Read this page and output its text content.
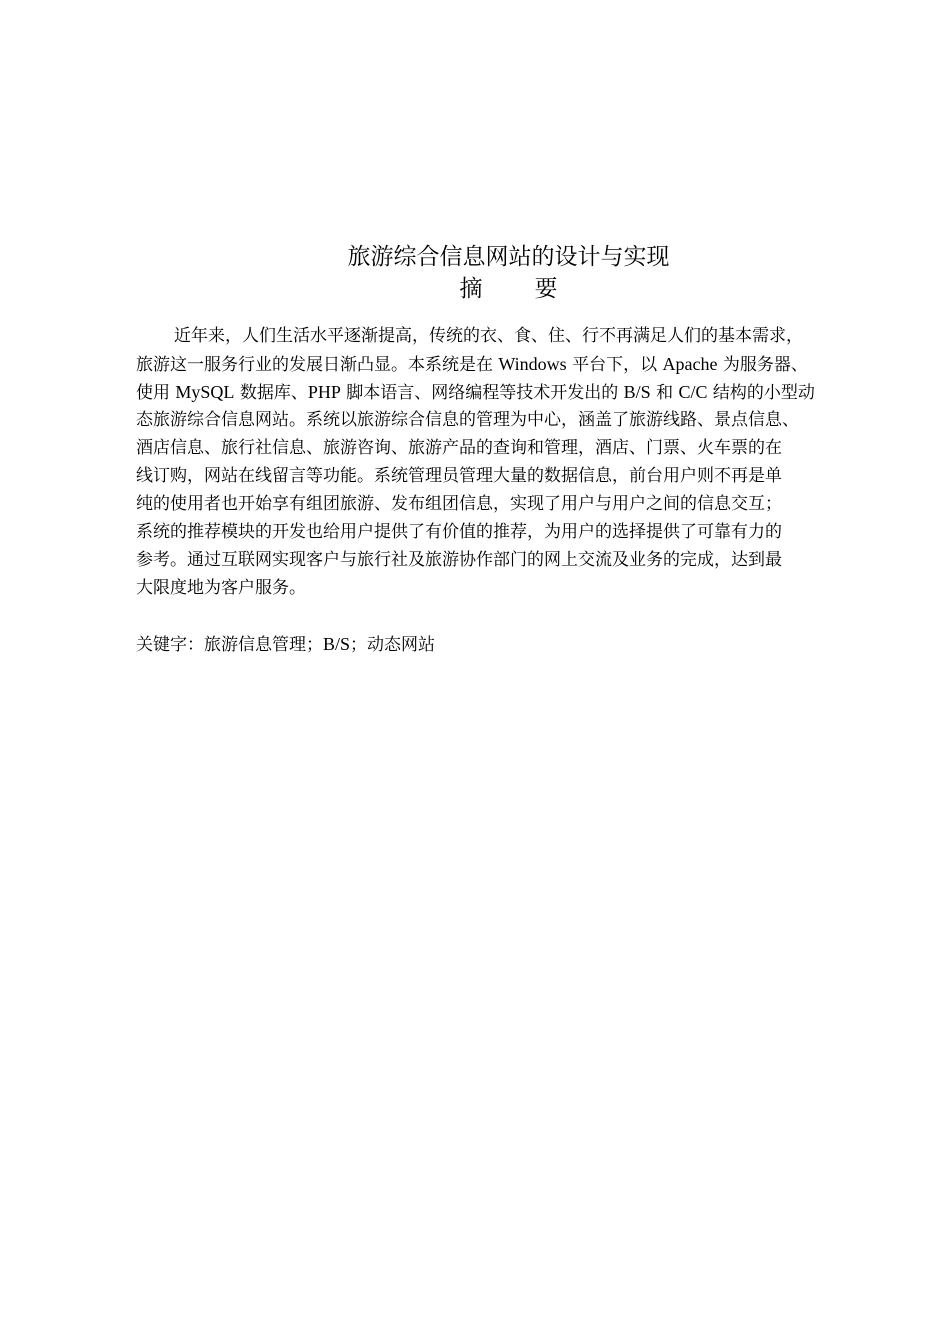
旅游综合信息网站的设计与实现
摘要
近年来，人们生活水平逐渐提高，传统的衣、食、住、行不再满足人们的基本需求，
旅游这一服务行业的发展日渐凸显。本系统是在 Windows 平台下，以 Apache 为服务器、
使用 MySQL 数据库、PHP 脚本语言、网络编程等技术开发出的 B/S 和 C/C 结构的小型动
态旅游综合信息网站。系统以旅游综合信息的管理为中心，涵盖了旅游线路、景点信息、
酒店信息、旅行社信息、旅游咨询、旅游产品的查询和管理，酒店、门票、火车票的在
线订购，网站在线留言等功能。系统管理员管理大量的数据信息，前台用户则不再是单
纯的使用者也开始享有组团旅游、发布组团信息，实现了用户与用户之间的信息交互；
系统的推荐模块的开发也给用户提供了有价值的推荐，为用户的选择提供了可靠有力的
参考。通过互联网实现客户与旅行社及旅游协作部门的网上交流及业务的完成，达到最
大限度地为客户服务。
关键字：旅游信息管理；B/S；动态网站
